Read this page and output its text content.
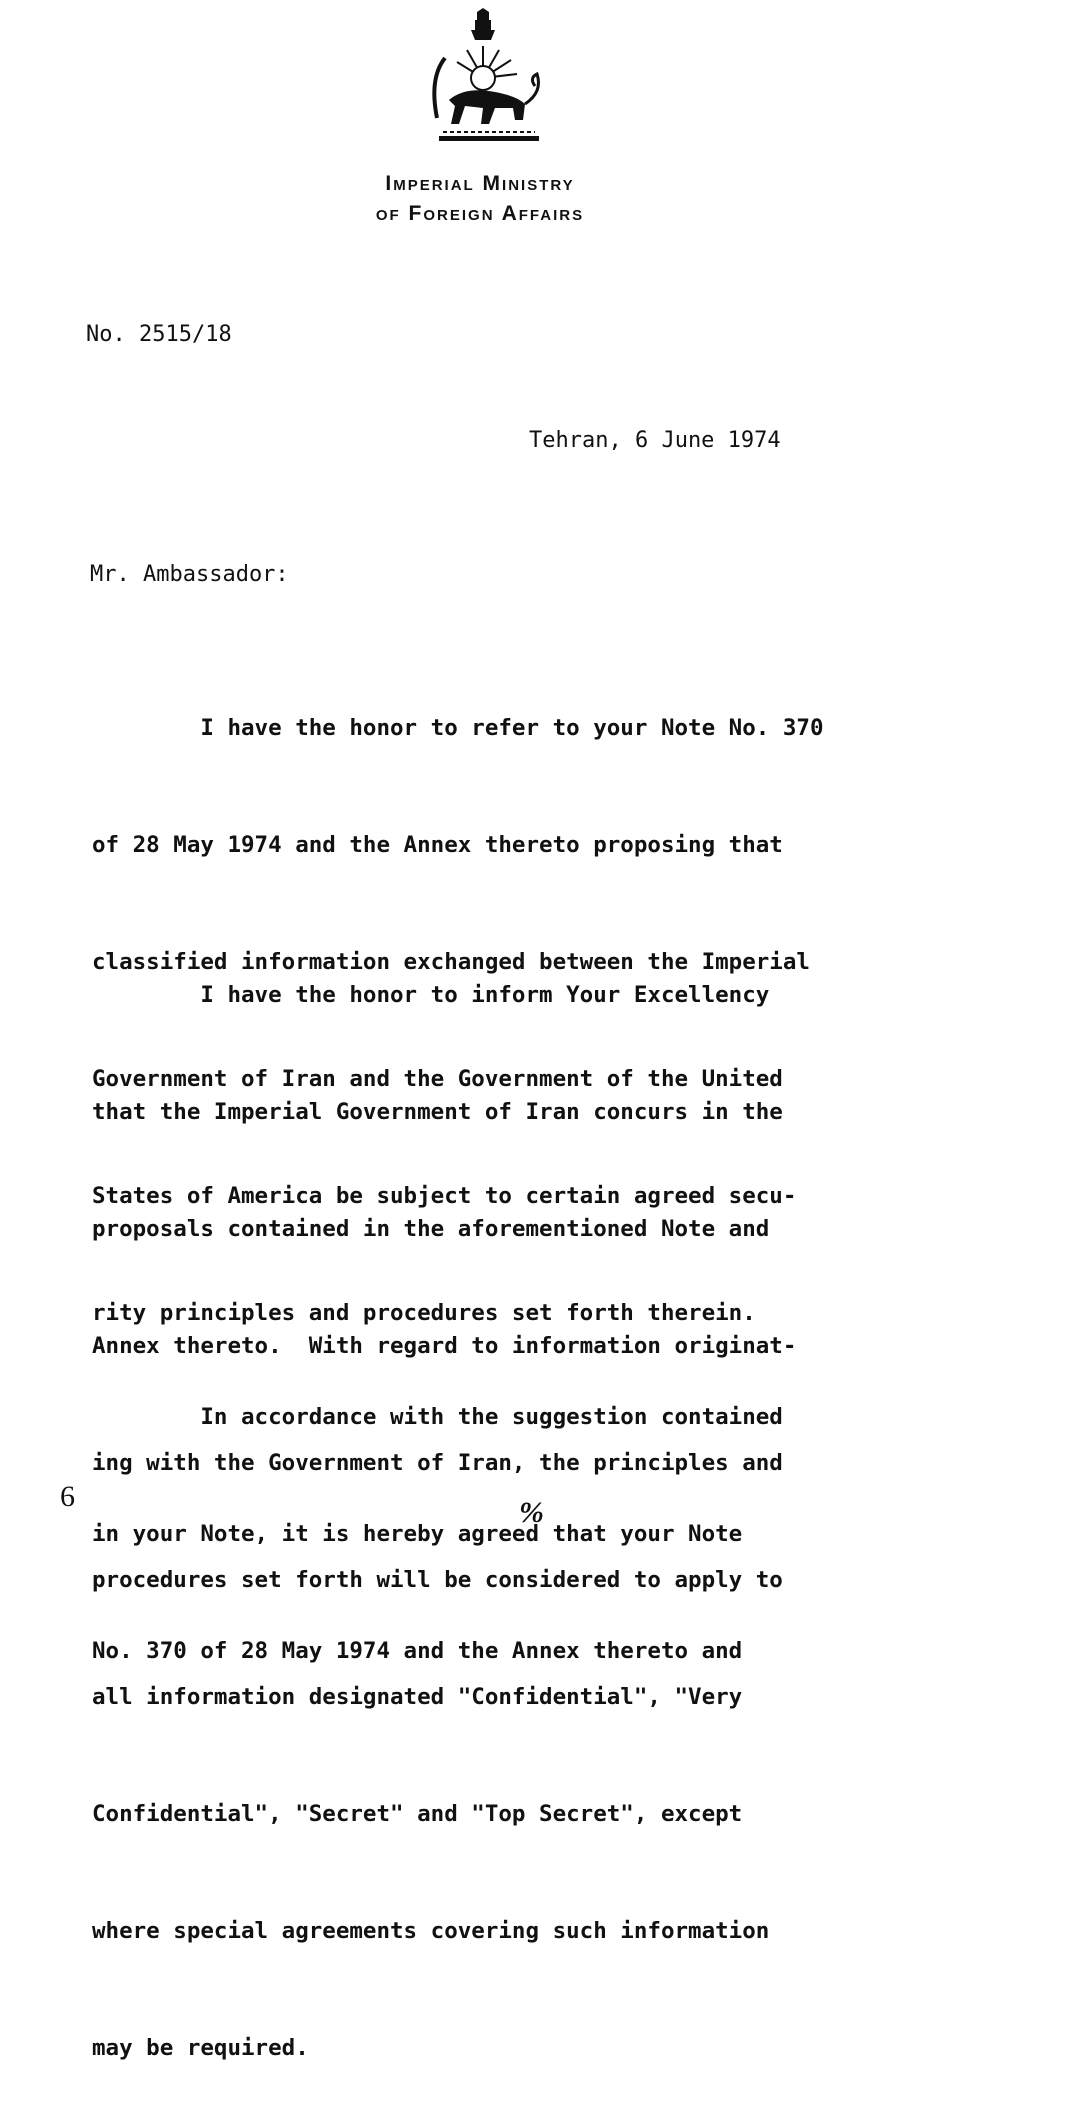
Imperial Ministry
of Foreign Affairs
No. 2515/18
Tehran, 6 June 1974
Mr. Ambassador:

I have the honor to refer to your Note No. 370

of 28 May 1974 and the Annex thereto proposing that

classified information exchanged between the Imperial

Government of Iran and the Government of the United

States of America be subject to certain agreed secu-

rity principles and procedures set forth therein.

I have the honor to inform Your Excellency

that the Imperial Government of Iran concurs in the

proposals contained in the aforementioned Note and

Annex thereto.  With regard to information originat-

ing with the Government of Iran, the principles and

procedures set forth will be considered to apply to

all information designated "Confidential", "Very

Confidential", "Secret" and "Top Secret", except

where special agreements covering such information

may be required.

In accordance with the suggestion contained

in your Note, it is hereby agreed that your Note

No. 370 of 28 May 1974 and the Annex thereto and

6	%
